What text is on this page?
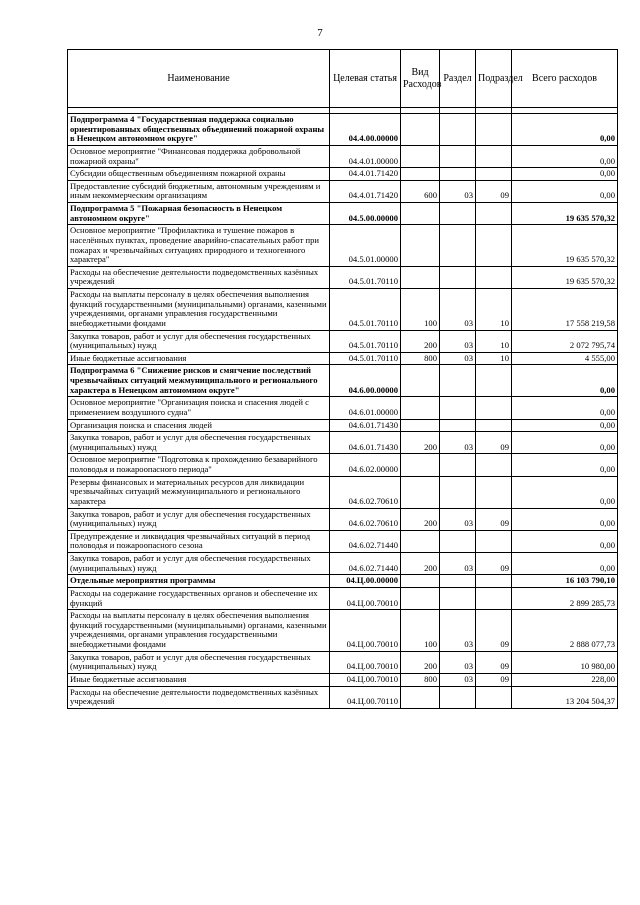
7
Наименование	Целевая статья	Вид Расходов	Раздел	Подраздел	Всего расходов

Подпрограмма 4 "Государственная поддержка социально ориентированных общественных объединений пожарной охраны в Ненецком автономном округе"	04.4.00.00000				0,00
Основное мероприятие "Финансовая поддержка добровольной пожарной охраны"	04.4.01.00000				0,00
Субсидии общественным объединениям пожарной охраны	04.4.01.71420				0,00
Предоставление субсидий бюджетным, автономным учреждениям и иным некоммерческим организациям	04.4.01.71420	600	03	09	0,00
Подпрограмма 5 "Пожарная безопасность в Ненецком автономном округе"	04.5.00.00000				19 635 570,32
Основное мероприятие "Профилактика и тушение пожаров в населённых пунктах, проведение аварийно-спасательных работ при пожарах и чрезвычайных ситуациях природного и техногенного характера"	04.5.01.00000				19 635 570,32
Расходы на обеспечение деятельности подведомственных казённых учреждений	04.5.01.70110				19 635 570,32
Расходы на выплаты персоналу в целях обеспечения выполнения функций государственными (муниципальными) органами, казенными учреждениями, органами управления государственными внебюджетными фондами	04.5.01.70110	100	03	10	17 558 219,58
Закупка товаров, работ и услуг для обеспечения государственных (муниципальных) нужд	04.5.01.70110	200	03	10	2 072 795,74
Иные бюджетные ассигнования	04.5.01.70110	800	03	10	4 555,00
Подпрограмма 6 "Снижение рисков и смягчение последствий чрезвычайных ситуаций межмуниципального и регионального характера в Ненецком автономном округе"	04.6.00.00000				0,00
Основное мероприятие "Организация поиска и спасения людей с применением воздушного судна"	04.6.01.00000				0,00
Организация поиска и спасения людей	04.6.01.71430				0,00
Закупка товаров, работ и услуг для обеспечения государственных (муниципальных) нужд	04.6.01.71430	200	03	09	0,00
Основное мероприятие "Подготовка к прохождению безаварийного половодья и пожароопасного периода"	04.6.02.00000				0,00
Резервы финансовых и материальных ресурсов для ликвидации чрезвычайных ситуаций межмуниципального и регионального характера	04.6.02.70610				0,00
Закупка товаров, работ и услуг для обеспечения государственных (муниципальных) нужд	04.6.02.70610	200	03	09	0,00
Предупреждение и ликвидация чрезвычайных ситуаций в период половодья и пожароопасного сезона	04.6.02.71440				0,00
Закупка товаров, работ и услуг для обеспечения государственных (муниципальных) нужд	04.6.02.71440	200	03	09	0,00
Отдельные мероприятия программы	04.Ц.00.00000				16 103 790,10
Расходы на содержание государственных органов и обеспечение их функций	04.Ц.00.70010				2 899 285,73
Расходы на выплаты персоналу в целях обеспечения выполнения функций государственными (муниципальными) органами, казенными учреждениями, органами управления государственными внебюджетными фондами	04.Ц.00.70010	100	03	09	2 888 077,73
Закупка товаров, работ и услуг для обеспечения государственных (муниципальных) нужд	04.Ц.00.70010	200	03	09	10 980,00
Иные бюджетные ассигнования	04.Ц.00.70010	800	03	09	228,00
Расходы на обеспечение деятельности подведомственных казённых учреждений	04.Ц.00.70110				13 204 504,37
